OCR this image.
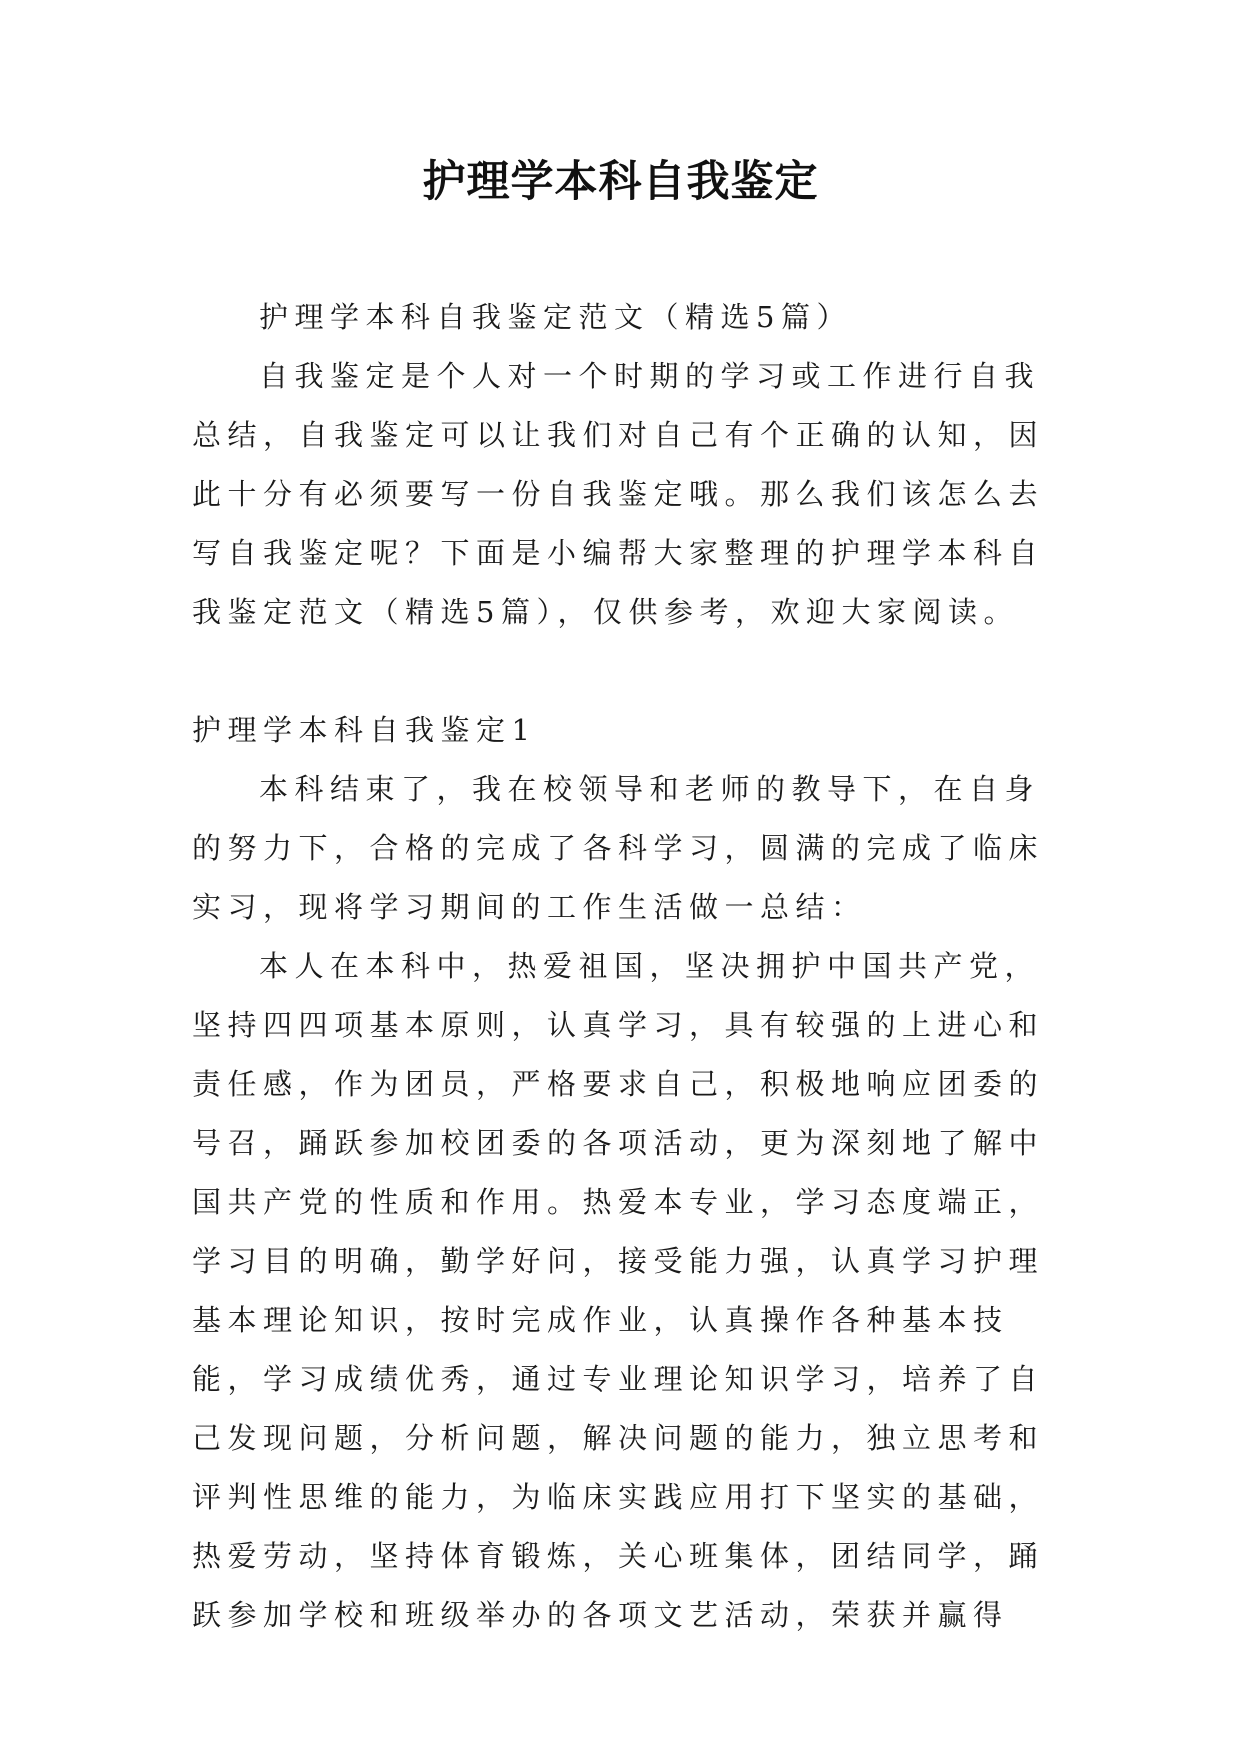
护理学本科自我鉴定

护理学本科自我鉴定范文（精选5篇）

自我鉴定是个人对一个时期的学习或工作进行自我总结，自我鉴定可以让我们对自己有个正确的认知，因此十分有必须要写一份自我鉴定哦。那么我们该怎么去写自我鉴定呢？下面是小编帮大家整理的护理学本科自我鉴定范文（精选5篇），仅供参考，欢迎大家阅读。

护理学本科自我鉴定1

本科结束了，我在校领导和老师的教导下，在自身的努力下，合格的完成了各科学习，圆满的完成了临床实习，现将学习期间的工作生活做一总结：

本人在本科中，热爱祖国，坚决拥护中国共产党，坚持四四项基本原则，认真学习，具有较强的上进心和责任感，作为团员，严格要求自己，积极地响应团委的号召，踊跃参加校团委的各项活动，更为深刻地了解中国共产党的性质和作用。热爱本专业，学习态度端正，学习目的明确，勤学好问，接受能力强，认真学习护理基本理论知识，按时完成作业，认真操作各种基本技能，学习成绩优秀，通过专业理论知识学习，培养了自己发现问题，分析问题，解决问题的能力，独立思考和评判性思维的能力，为临床实践应用打下坚实的基础，热爱劳动，坚持体育锻炼，关心班集体，团结同学，踊跃参加学校和班级举办的各项文艺活动，荣获并赢得
